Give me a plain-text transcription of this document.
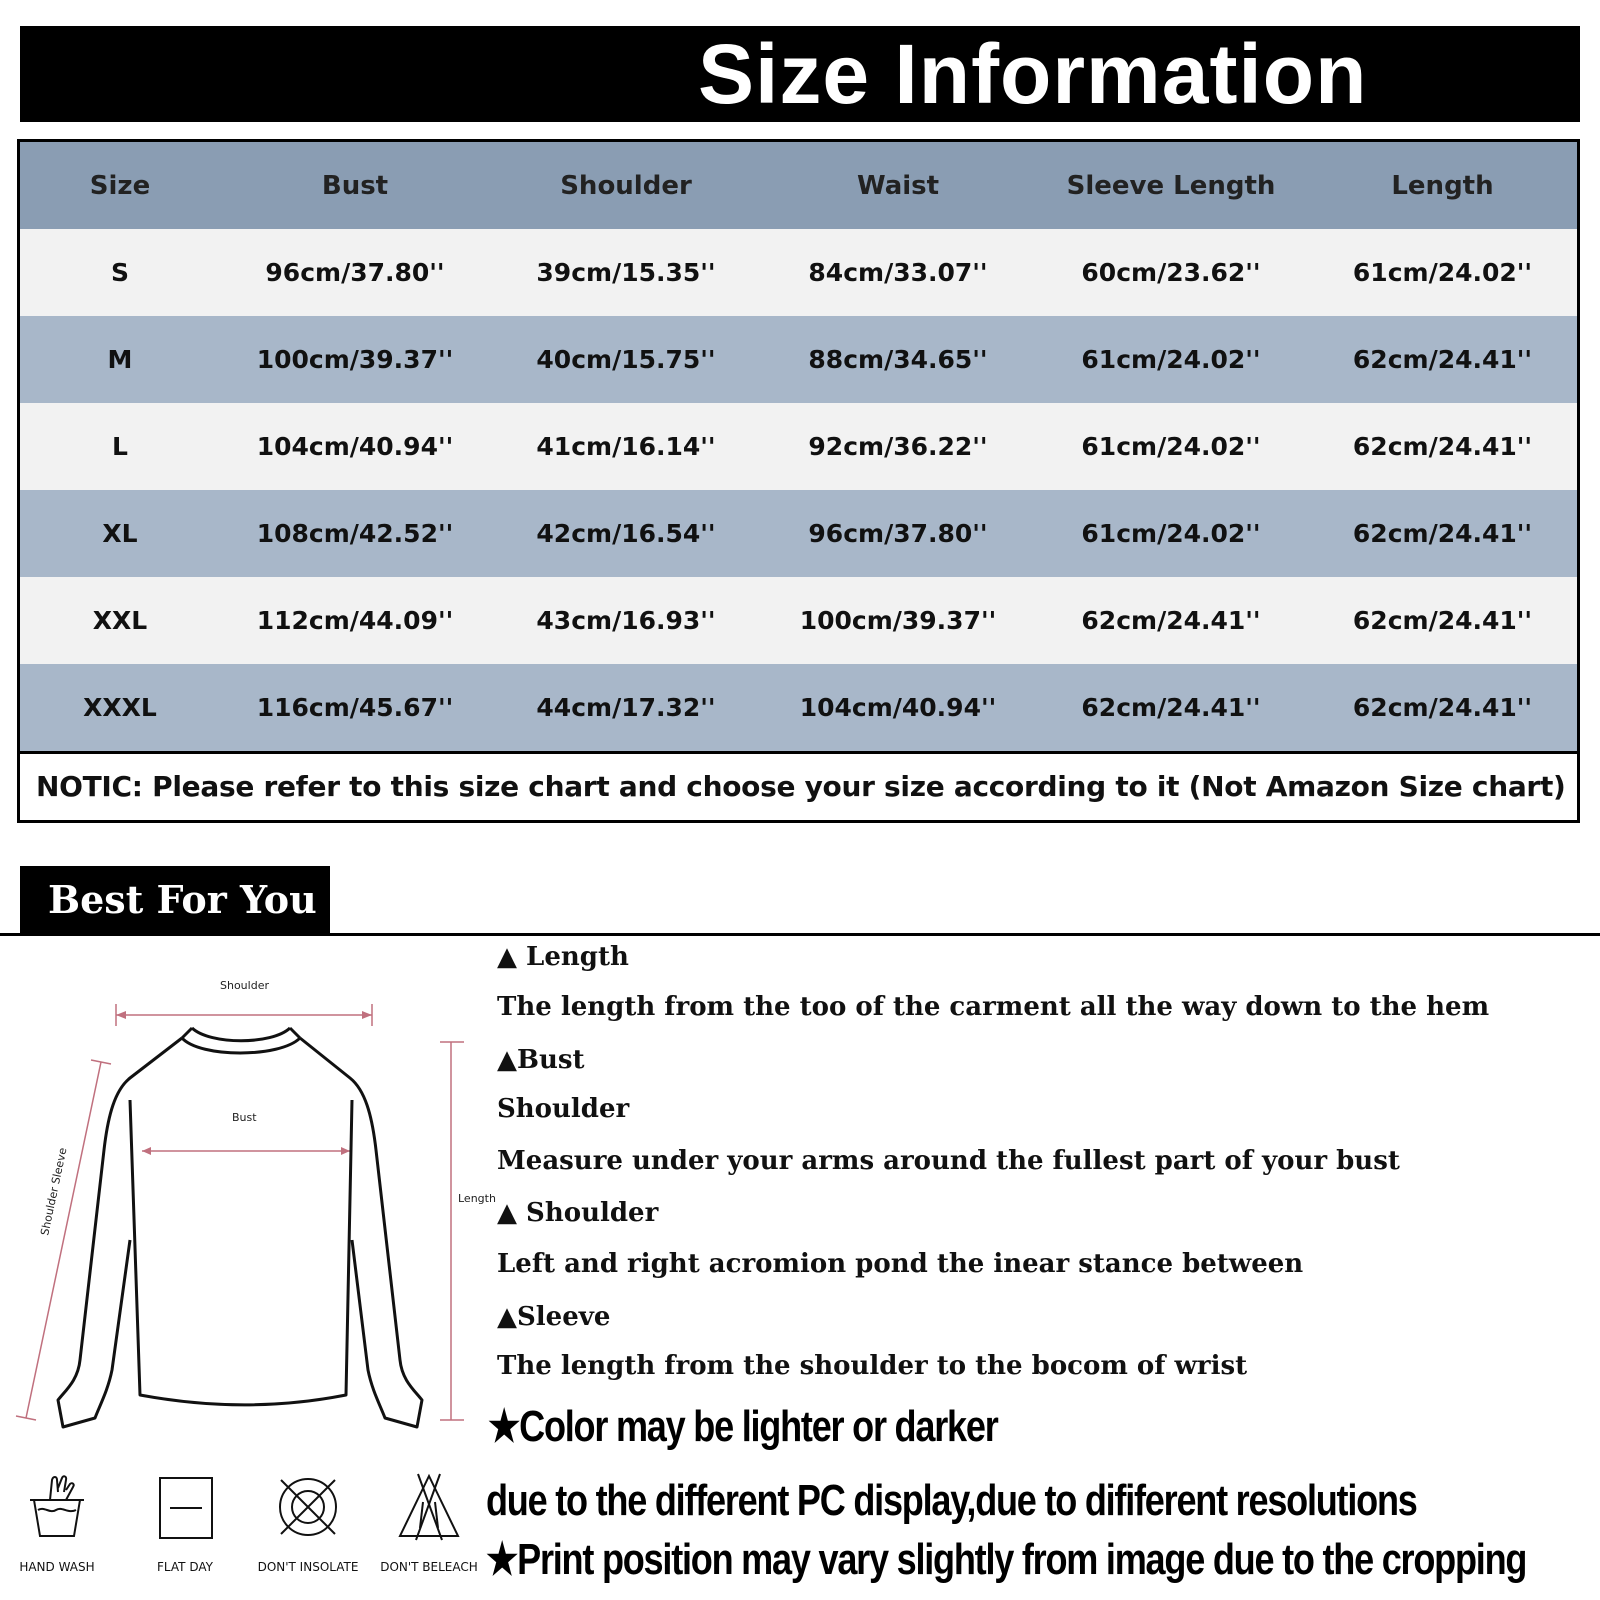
Size Information
Size	Bust	Shoulder	Waist	Sleeve Length	Length
S	96cm/37.80''	39cm/15.35''	84cm/33.07''	60cm/23.62''	61cm/24.02''
M	100cm/39.37''	40cm/15.75''	88cm/34.65''	61cm/24.02''	62cm/24.41''
L	104cm/40.94''	41cm/16.14''	92cm/36.22''	61cm/24.02''	62cm/24.41''
XL	108cm/42.52''	42cm/16.54''	96cm/37.80''	61cm/24.02''	62cm/24.41''
XXL	112cm/44.09''	43cm/16.93''	100cm/39.37''	62cm/24.41''	62cm/24.41''
XXXL	116cm/45.67''	44cm/17.32''	104cm/40.94''	62cm/24.41''	62cm/24.41''
NOTIC: Please refer to this size chart and choose your size according to it (Not Amazon Size chart)
Best For You
Shoulder
Bust
Length
Shoulder Sleeve
▲ Length
The length from the too of the carment all the way down to the hem
▲Bust
Shoulder
Measure under your arms around the fullest part of your bust
▲ Shoulder
Left and right acromion pond the inear stance between
▲Sleeve
The length from the shoulder to the bocom of wrist
★Color may be lighter or darker
due to the different PC display,due to dififerent resolutions
★Print position may vary slightly from image due to the cropping
HAND WASH	FLAT DAY	DON'T INSOLATE	DON'T BELEACH
